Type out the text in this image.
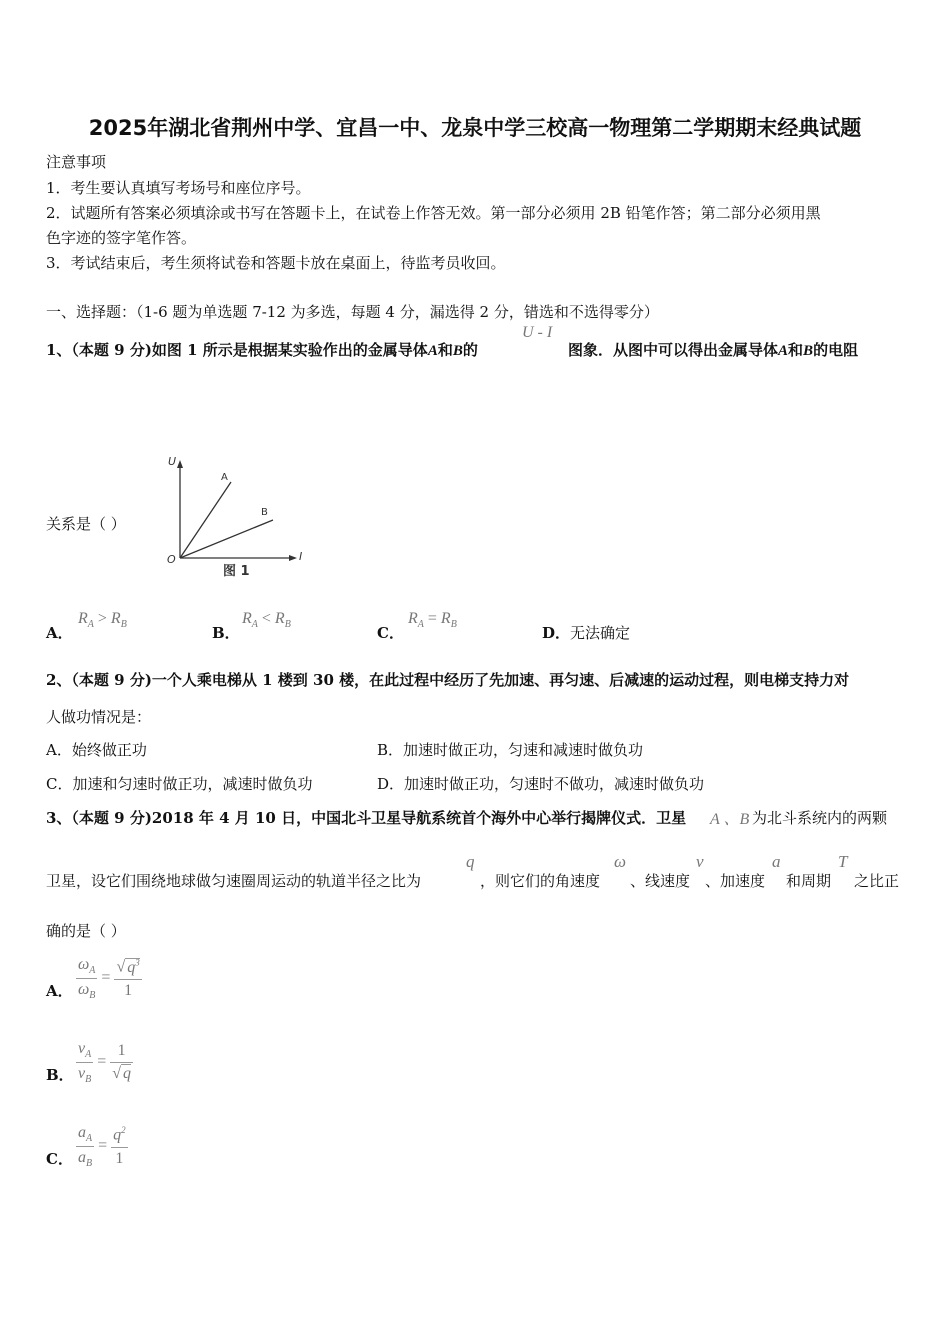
2025年湖北省荆州中学、宜昌一中、龙泉中学三校高一物理第二学期期末经典试题
注意事项
1．考生要认真填写考场号和座位序号。
2．试题所有答案必须填涂或书写在答题卡上，在试卷上作答无效。第一部分必须用 2B 铅笔作答；第二部分必须用黑
色字迹的签字笔作答。
3．考试结束后，考生须将试卷和答题卡放在桌面上，待监考员收回。
一、选择题：（1-6 题为单选题 7-12 为多选，每题 4 分，漏选得 2 分，错选和不选得零分）
1、（本题 9 分)如图 1 所示是根据某实验作出的金属导体A和B的
U - I
图象．从图中可以得出金属导体A和B的电阻
关系是（ ）
U
I
O
A
B
图 1
A．
$R_A > R_B$	B．
$R_A < R_B$	C．
$R_A = R_B$	D．无法确定
2、（本题 9 分)一个人乘电梯从 1 楼到 30 楼，在此过程中经历了先加速、再匀速、后减速的运动过程，则电梯支持力对
人做功情况是：
A．始终做正功	B．加速时做正功，匀速和减速时做负功
C．加速和匀速时做正功，减速时做负功	D．加速时做正功，匀速时不做功，减速时做负功
3、（本题 9 分)2018 年 4 月 10 日，中国北斗卫星导航系统首个海外中心举行揭牌仪式．卫星 A 、B 为北斗系统内的两颗
卫星，设它们围绕地球做匀速圈周运动的轨道半径之比为
q
，则它们的角速度
ω
、线速度
v
、加速度
a
和周期
T
之比正
确的是（ ）
A． $\frac{\omega_A}{\omega_B} = \frac{√ q^3}{1}$
B． $\frac{v_A}{v_B} = \frac{1}{√ q}$
C． $\frac{a_A}{a_B} = \frac{q^2}{1}$
